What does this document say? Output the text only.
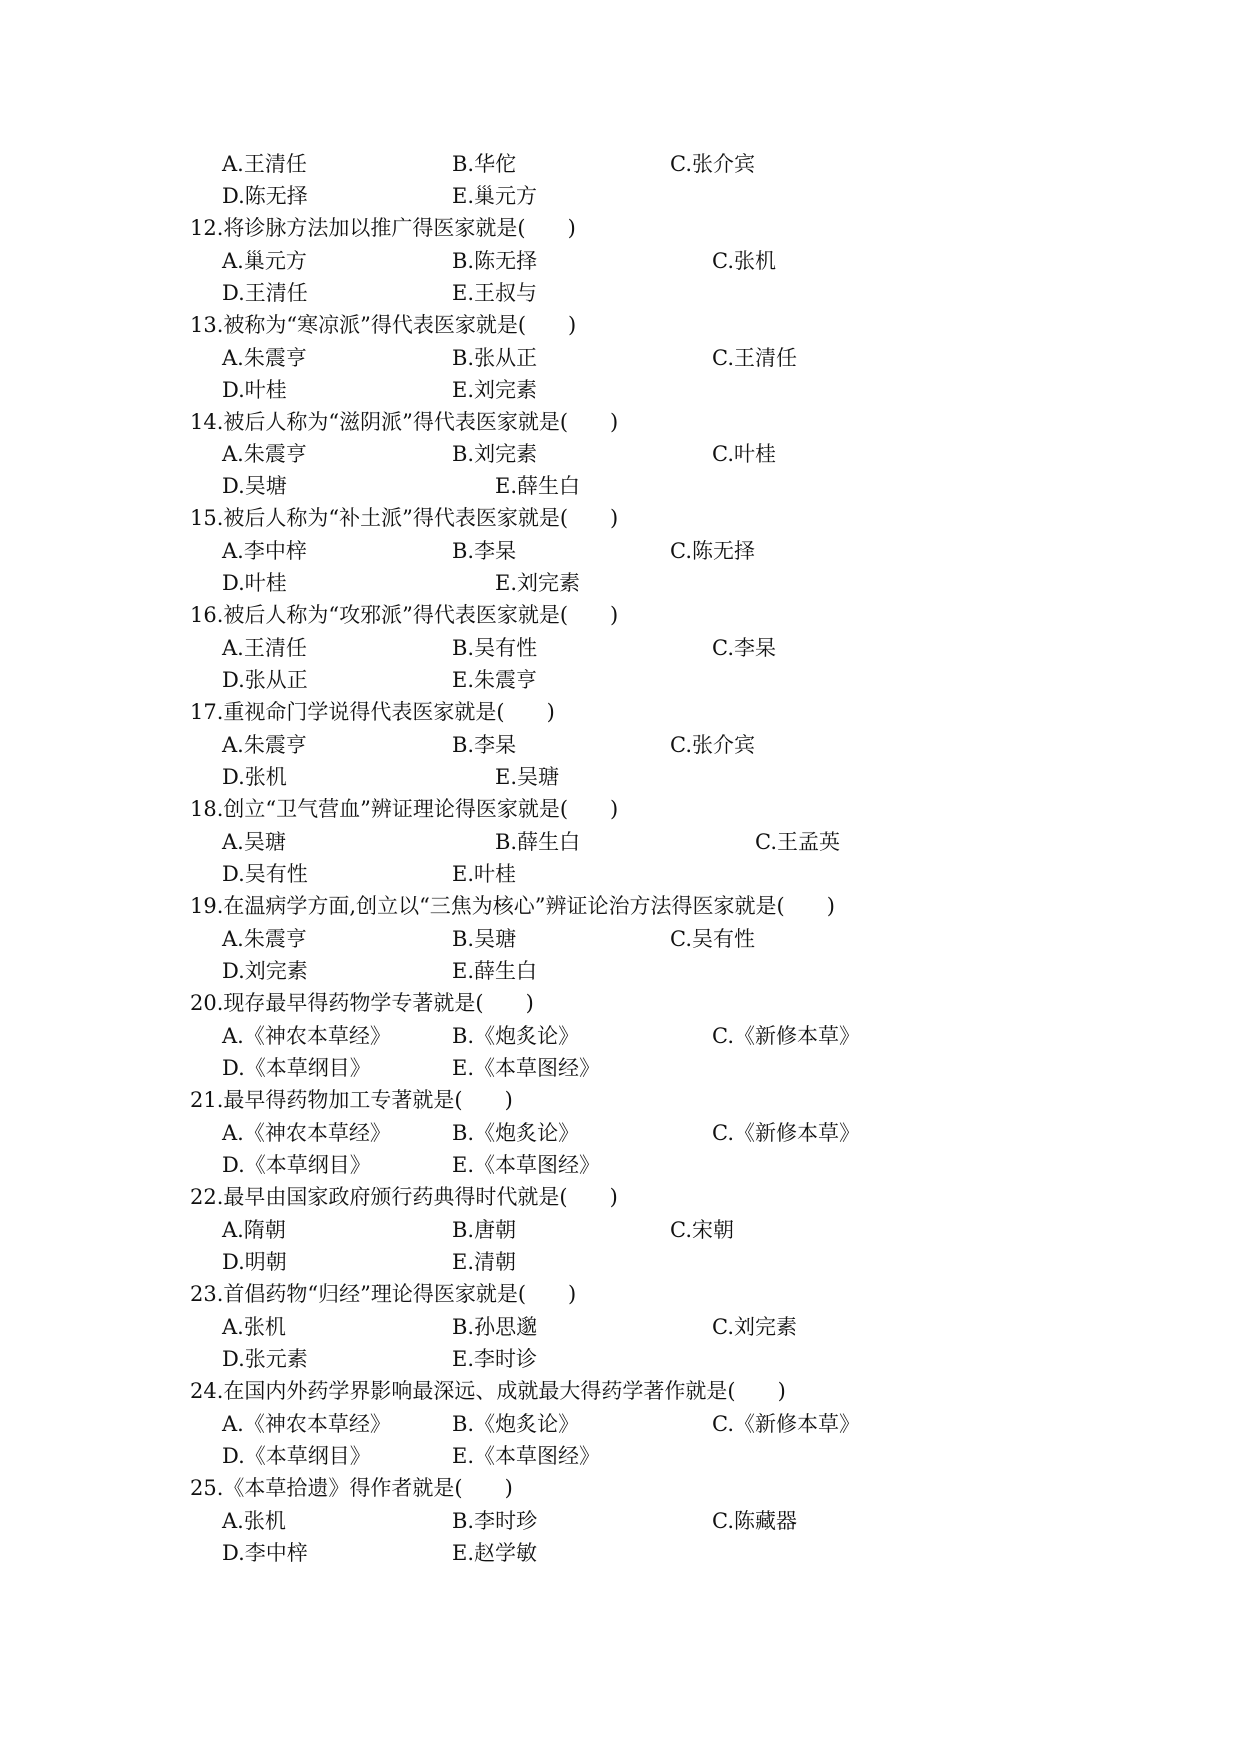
A.王清任	B.华佗	C.张介宾
D.陈无择	E.巢元方
12.将诊脉方法加以推广得医家就是(　　)
A.巢元方	B.陈无择	C.张机
D.王清任	E.王叔与
13.被称为“寒凉派”得代表医家就是(　　)
A.朱震亨	B.张从正	C.王清任
D.叶桂	E.刘完素
14.被后人称为“滋阴派”得代表医家就是(　　)
A.朱震亨	B.刘完素	C.叶桂
D.吴塘	E.薛生白
15.被后人称为“补土派”得代表医家就是(　　)
A.李中梓	B.李杲	C.陈无择
D.叶桂	E.刘完素
16.被后人称为“攻邪派”得代表医家就是(　　)
A.王清任	B.吴有性	C.李杲
D.张从正	E.朱震亨
17.重视命门学说得代表医家就是(　　)
A.朱震亨	B.李杲	C.张介宾
D.张机	E.吴瑭
18.创立“卫气营血”辨证理论得医家就是(　　)
A.吴瑭	B.薛生白	C.王孟英
D.吴有性	E.叶桂
19.在温病学方面,创立以“三焦为核心”辨证论治方法得医家就是(　　)
A.朱震亨	B.吴瑭	C.吴有性
D.刘完素	E.薛生白
20.现存最早得药物学专著就是(　　)
A.《神农本草经》	B.《炮炙论》	C.《新修本草》
D.《本草纲目》	E.《本草图经》
21.最早得药物加工专著就是(　　)
A.《神农本草经》	B.《炮炙论》	C.《新修本草》
D.《本草纲目》	E.《本草图经》
22.最早由国家政府颁行药典得时代就是(　　)
A.隋朝	B.唐朝	C.宋朝
D.明朝	E.清朝
23.首倡药物“归经”理论得医家就是(　　)
A.张机	B.孙思邈	C.刘完素
D.张元素	E.李时诊
24.在国内外药学界影响最深远、成就最大得药学著作就是(　　)
A.《神农本草经》	B.《炮炙论》	C.《新修本草》
D.《本草纲目》	E.《本草图经》
25.《本草拾遗》得作者就是(　　)
A.张机	B.李时珍	C.陈藏器
D.李中梓	E.赵学敏
